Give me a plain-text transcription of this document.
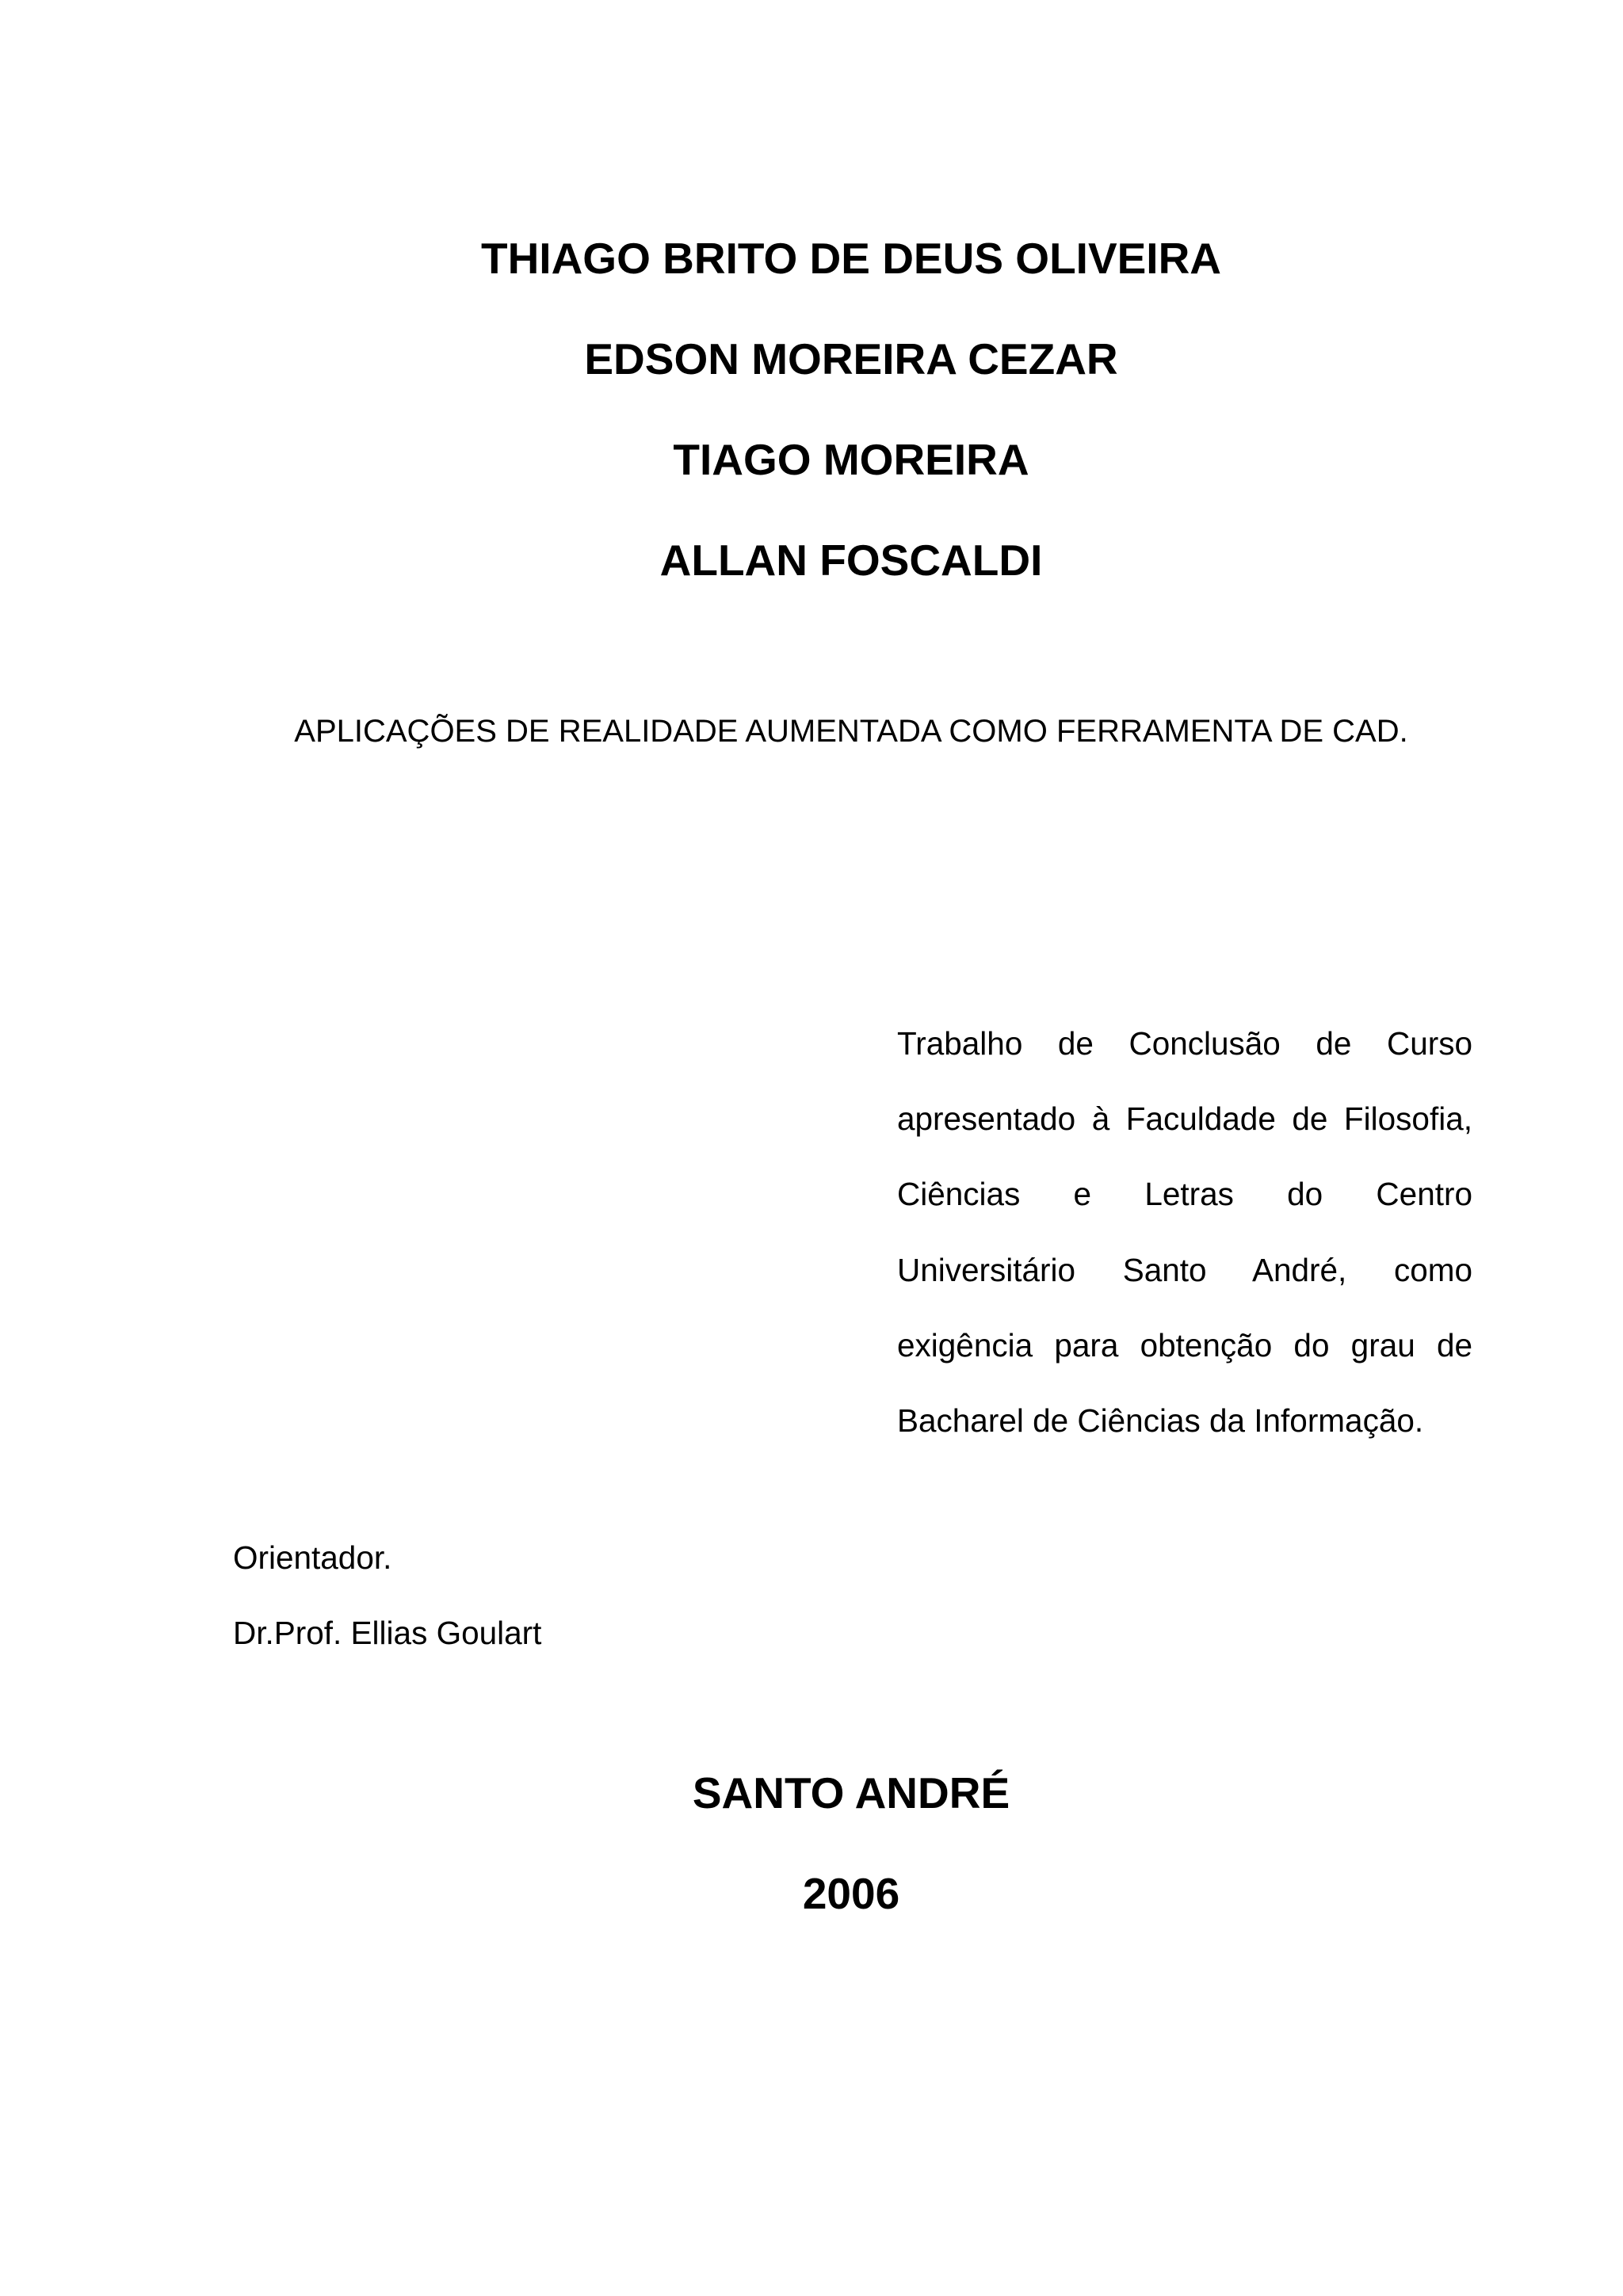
THIAGO BRITO DE DEUS OLIVEIRA
EDSON MOREIRA CEZAR
TIAGO MOREIRA
ALLAN FOSCALDI
APLICAÇÕES DE REALIDADE AUMENTADA COMO FERRAMENTA DE CAD.
Trabalho de Conclusão de Curso
apresentado à Faculdade de Filosofia,
Ciências e Letras do Centro
Universitário Santo André, como
exigência para obtenção do grau de
Bacharel de Ciências da Informação.
Orientador.
Dr.Prof. Ellias Goulart
SANTO ANDRÉ
2006
